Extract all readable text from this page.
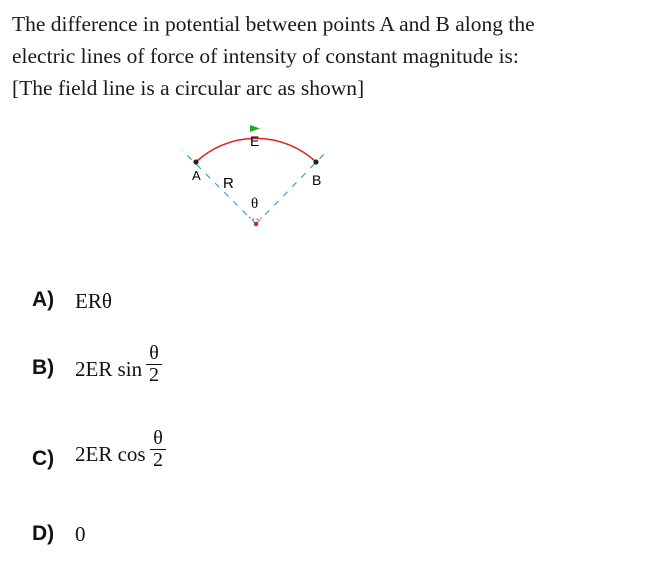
The difference in potential between points A and B along the
electric lines of force of intensity of constant magnitude is:
[The field line is a circular arc as shown]
E
A	B
R
θ
A) ERθ
B) 2ER sin
θ
2
C) 2ER cos
θ
2
D) 0
